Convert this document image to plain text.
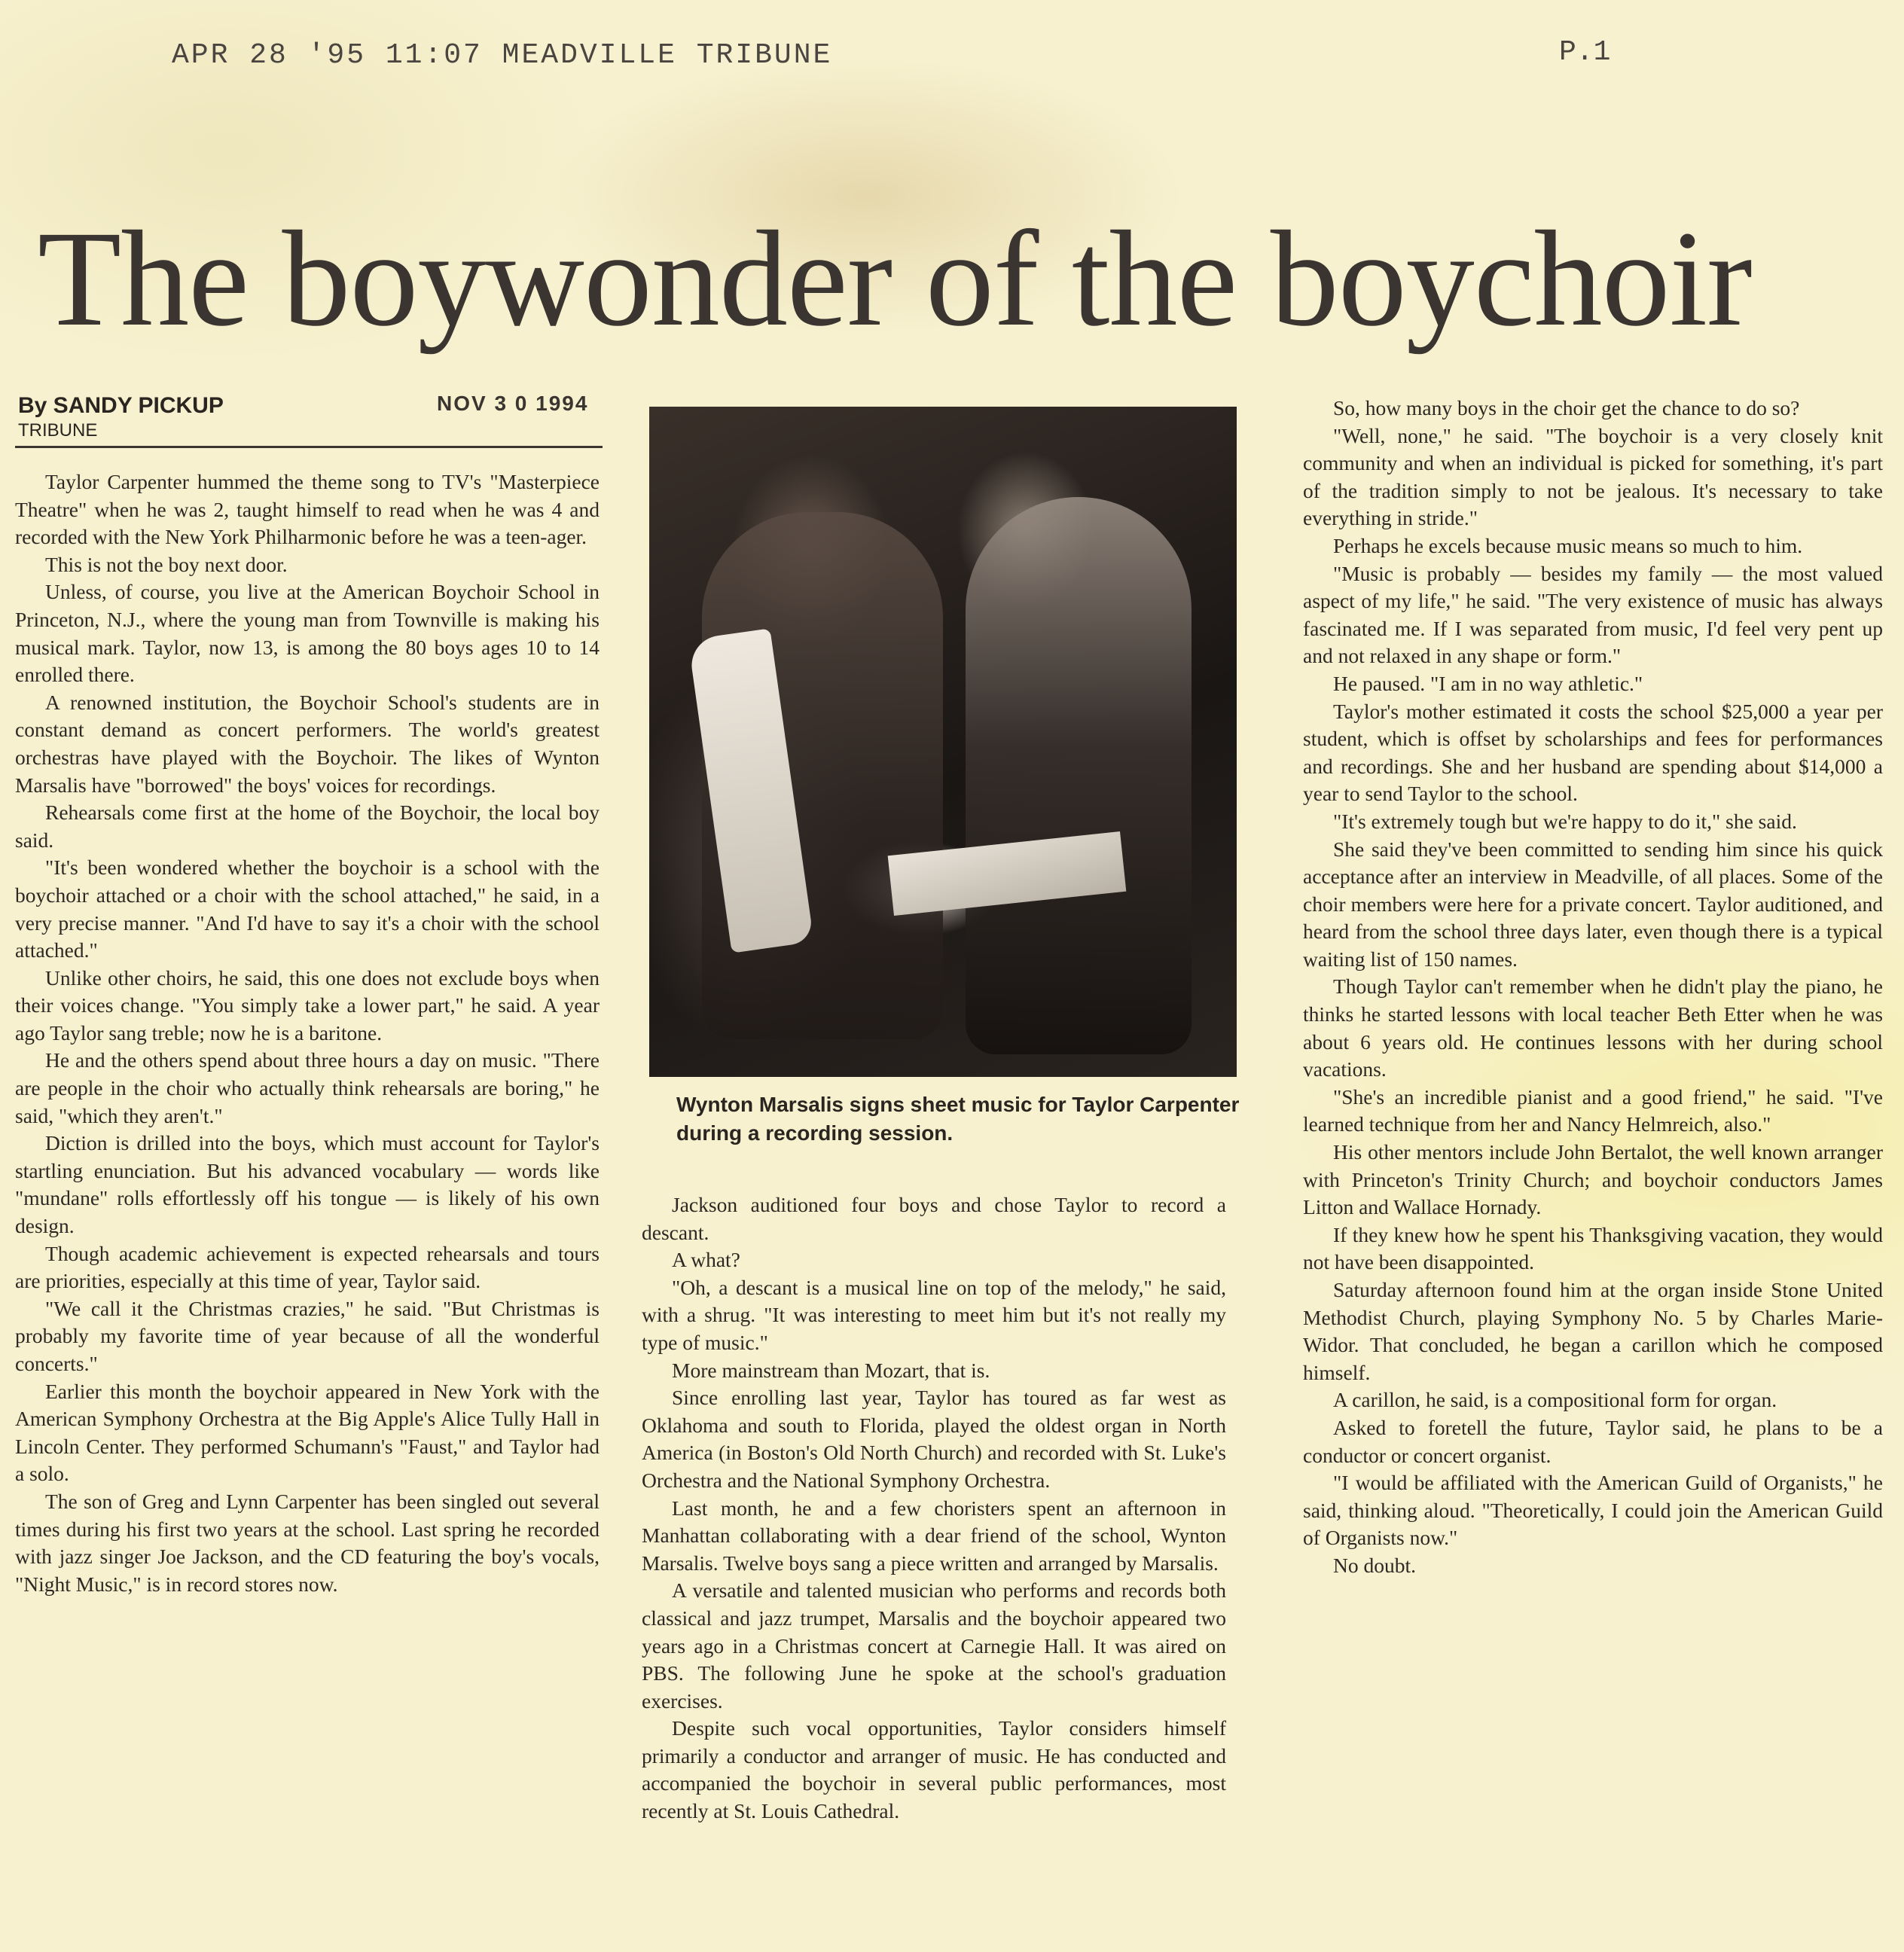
APR 28 '95 11:07 MEADVILLE TRIBUNE	P.1
The boywonder of the boychoir
By SANDY PICKUP
TRIBUNE
NOV 3 0 1994

Taylor Carpenter hummed the theme song to TV's "Masterpiece Theatre" when he was 2, taught himself to read when he was 4 and recorded with the New York Philharmonic before he was a teen-ager.

This is not the boy next door.

Unless, of course, you live at the American Boychoir School in Princeton, N.J., where the young man from Townville is making his musical mark. Taylor, now 13, is among the 80 boys ages 10 to 14 enrolled there.

A renowned institution, the Boychoir School's students are in constant demand as concert performers. The world's greatest orchestras have played with the Boychoir. The likes of Wynton Marsalis have "borrowed" the boys' voices for recordings.

Rehearsals come first at the home of the Boychoir, the local boy said.

"It's been wondered whether the boychoir is a school with the boychoir attached or a choir with the school attached," he said, in a very precise manner. "And I'd have to say it's a choir with the school attached."

Unlike other choirs, he said, this one does not exclude boys when their voices change. "You simply take a lower part," he said. A year ago Taylor sang treble; now he is a baritone.

He and the others spend about three hours a day on music. "There are people in the choir who actually think rehearsals are boring," he said, "which they aren't."

Diction is drilled into the boys, which must account for Taylor's startling enunciation. But his advanced vocabulary — words like "mundane" rolls effortlessly off his tongue — is likely of his own design.

Though academic achievement is expected rehearsals and tours are priorities, especially at this time of year, Taylor said.

"We call it the Christmas crazies," he said. "But Christmas is probably my favorite time of year because of all the wonderful concerts."

Earlier this month the boychoir appeared in New York with the American Symphony Orchestra at the Big Apple's Alice Tully Hall in Lincoln Center. They performed Schumann's "Faust," and Taylor had a solo.

The son of Greg and Lynn Carpenter has been singled out several times during his first two years at the school. Last spring he recorded with jazz singer Joe Jackson, and the CD featuring the boy's vocals, "Night Music," is in record stores now.

Wynton Marsalis signs sheet music for Taylor Carpenter during a recording session.

Jackson auditioned four boys and chose Taylor to record a descant.

A what?

"Oh, a descant is a musical line on top of the melody," he said, with a shrug. "It was interesting to meet him but it's not really my type of music."

More mainstream than Mozart, that is.

Since enrolling last year, Taylor has toured as far west as Oklahoma and south to Florida, played the oldest organ in North America (in Boston's Old North Church) and recorded with St. Luke's Orchestra and the National Symphony Orchestra.

Last month, he and a few choristers spent an afternoon in Manhattan collaborating with a dear friend of the school, Wynton Marsalis. Twelve boys sang a piece written and arranged by Marsalis.

A versatile and talented musician who performs and records both classical and jazz trumpet, Marsalis and the boychoir appeared two years ago in a Christmas concert at Carnegie Hall. It was aired on PBS. The following June he spoke at the school's graduation exercises.

Despite such vocal opportunities, Taylor considers himself primarily a conductor and arranger of music. He has conducted and accompanied the boychoir in several public performances, most recently at St. Louis Cathedral.

So, how many boys in the choir get the chance to do so?

"Well, none," he said. "The boychoir is a very closely knit community and when an individual is picked for something, it's part of the tradition simply to not be jealous. It's necessary to take everything in stride."

Perhaps he excels because music means so much to him.

"Music is probably — besides my family — the most valued aspect of my life," he said. "The very existence of music has always fascinated me. If I was separated from music, I'd feel very pent up and not relaxed in any shape or form."

He paused. "I am in no way athletic."

Taylor's mother estimated it costs the school $25,000 a year per student, which is offset by scholarships and fees for performances and recordings. She and her husband are spending about $14,000 a year to send Taylor to the school.

"It's extremely tough but we're happy to do it," she said.

She said they've been committed to sending him since his quick acceptance after an interview in Meadville, of all places. Some of the choir members were here for a private concert. Taylor auditioned, and heard from the school three days later, even though there is a typical waiting list of 150 names.

Though Taylor can't remember when he didn't play the piano, he thinks he started lessons with local teacher Beth Etter when he was about 6 years old. He continues lessons with her during school vacations.

"She's an incredible pianist and a good friend," he said. "I've learned technique from her and Nancy Helmreich, also."

His other mentors include John Bertalot, the well known arranger with Princeton's Trinity Church; and boychoir conductors James Litton and Wallace Hornady.

If they knew how he spent his Thanksgiving vacation, they would not have been disappointed.

Saturday afternoon found him at the organ inside Stone United Methodist Church, playing Symphony No. 5 by Charles Marie-Widor. That concluded, he began a carillon which he composed himself.

A carillon, he said, is a compositional form for organ.

Asked to foretell the future, Taylor said, he plans to be a conductor or concert organist.

"I would be affiliated with the American Guild of Organists," he said, thinking aloud. "Theoretically, I could join the American Guild of Organists now."

No doubt.
